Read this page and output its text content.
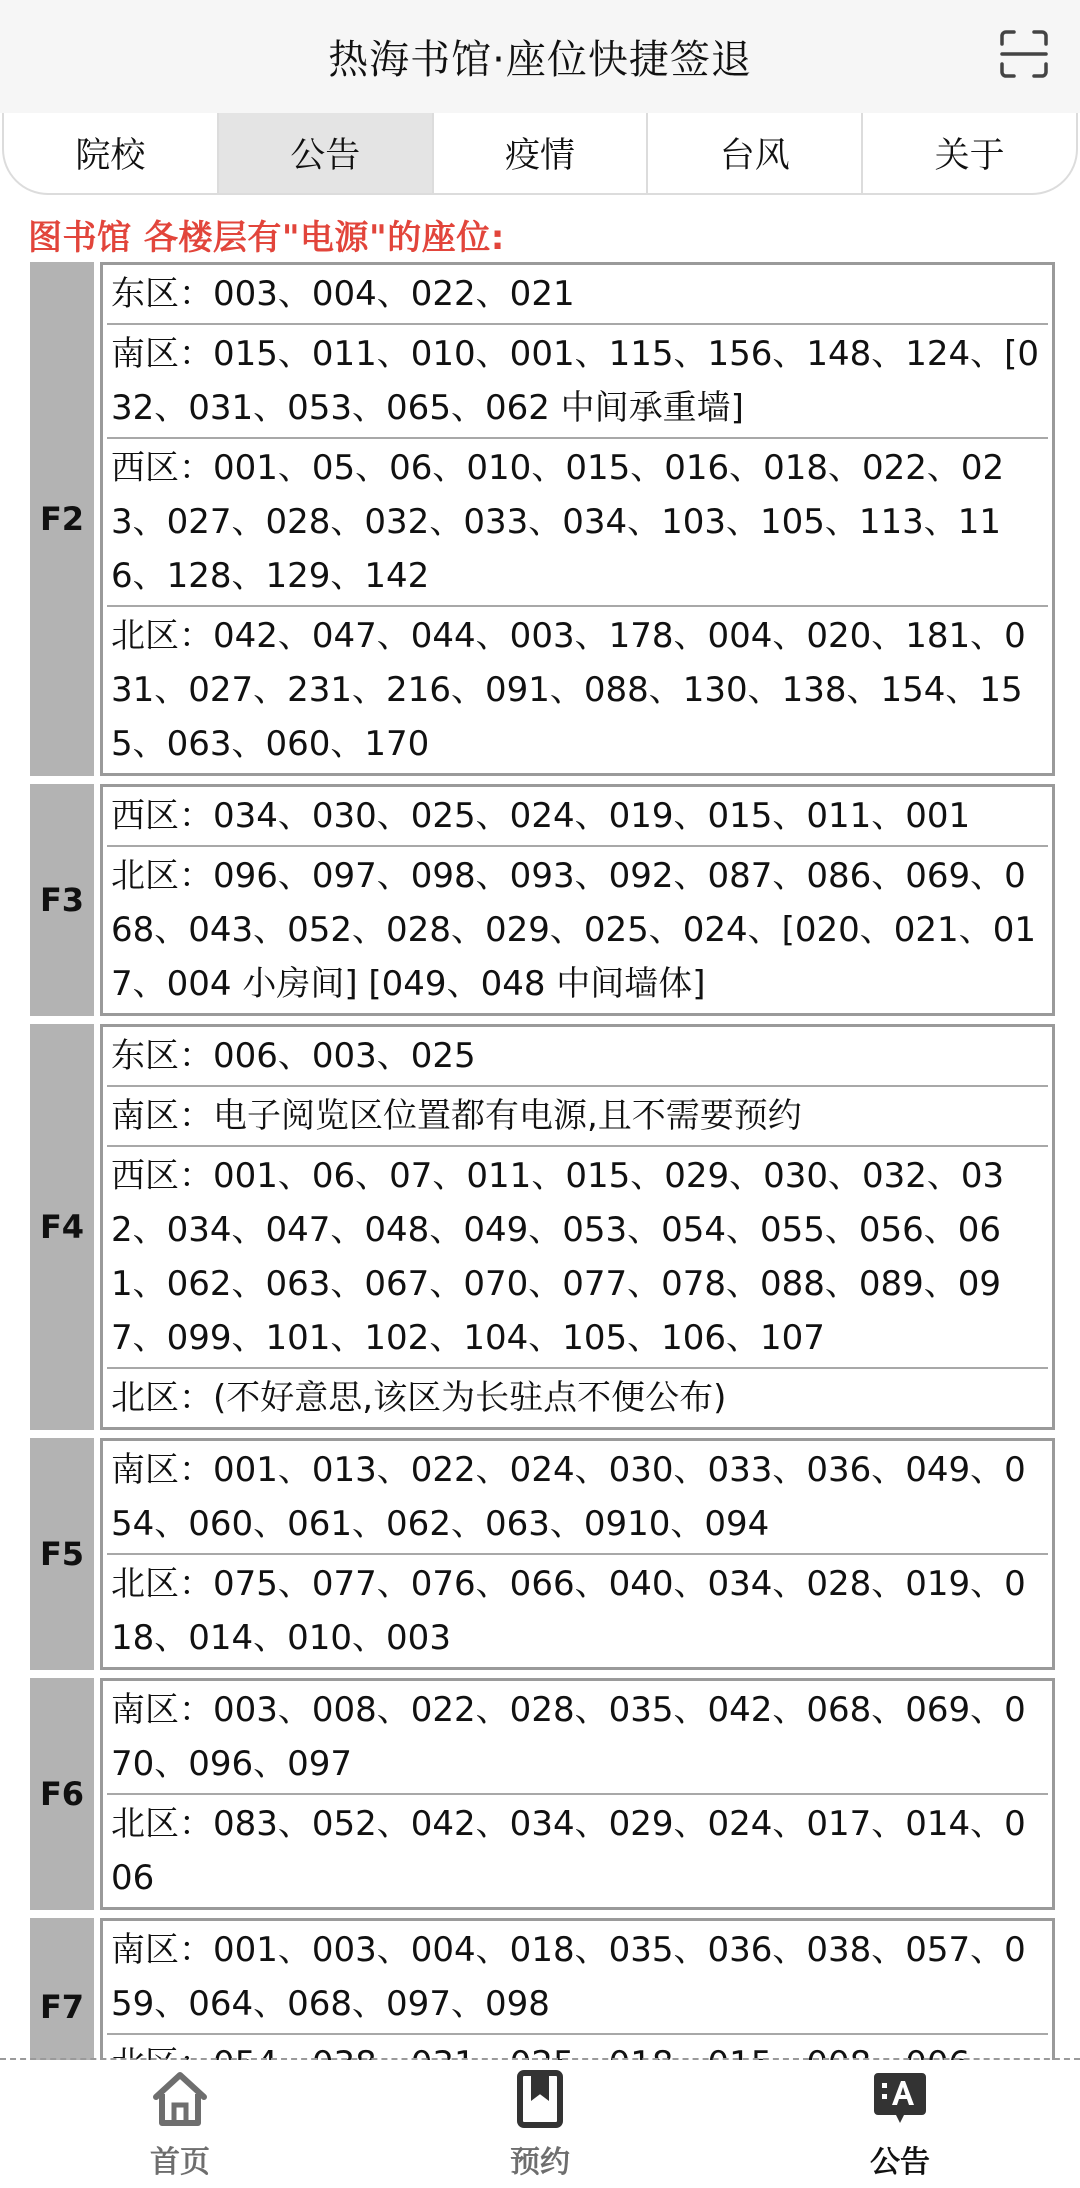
热海书馆·座位快捷签退
院校	公告	疫情	台风	关于
图书馆 各楼层有"电源"的座位:
F2
东区：003、004、022、021
南区：015、011、010、001、115、156、148、124、[032、031、053、065、062 中间承重墙]
西区：001、05、06、010、015、016、018、022、023、027、028、032、033、034、103、105、113、116、128、129、142
北区：042、047、044、003、178、004、020、181、031、027、231、216、091、088、130、138、154、155、063、060、170
F3
西区：034、030、025、024、019、015、011、001
北区：096、097、098、093、092、087、086、069、068、043、052、028、029、025、024、[020、021、017、004 小房间] [049、048 中间墙体]
F4
东区：006、003、025
南区：电子阅览区位置都有电源,且不需要预约
西区：001、06、07、011、015、029、030、032、032、034、047、048、049、053、054、055、056、061、062、063、067、070、077、078、088、089、097、099、101、102、104、105、106、107
北区：(不好意思,该区为长驻点不便公布)
F5
南区：001、013、022、024、030、033、036、049、054、060、061、062、063、0910、094
北区：075、077、076、066、040、034、028、019、018、014、010、003
F6
南区：003、008、022、028、035、042、068、069、070、096、097
北区：083、052、042、034、029、024、017、014、006
F7
南区：001、003、004、018、035、036、038、057、059、064、068、097、098
首页	预约	公告
